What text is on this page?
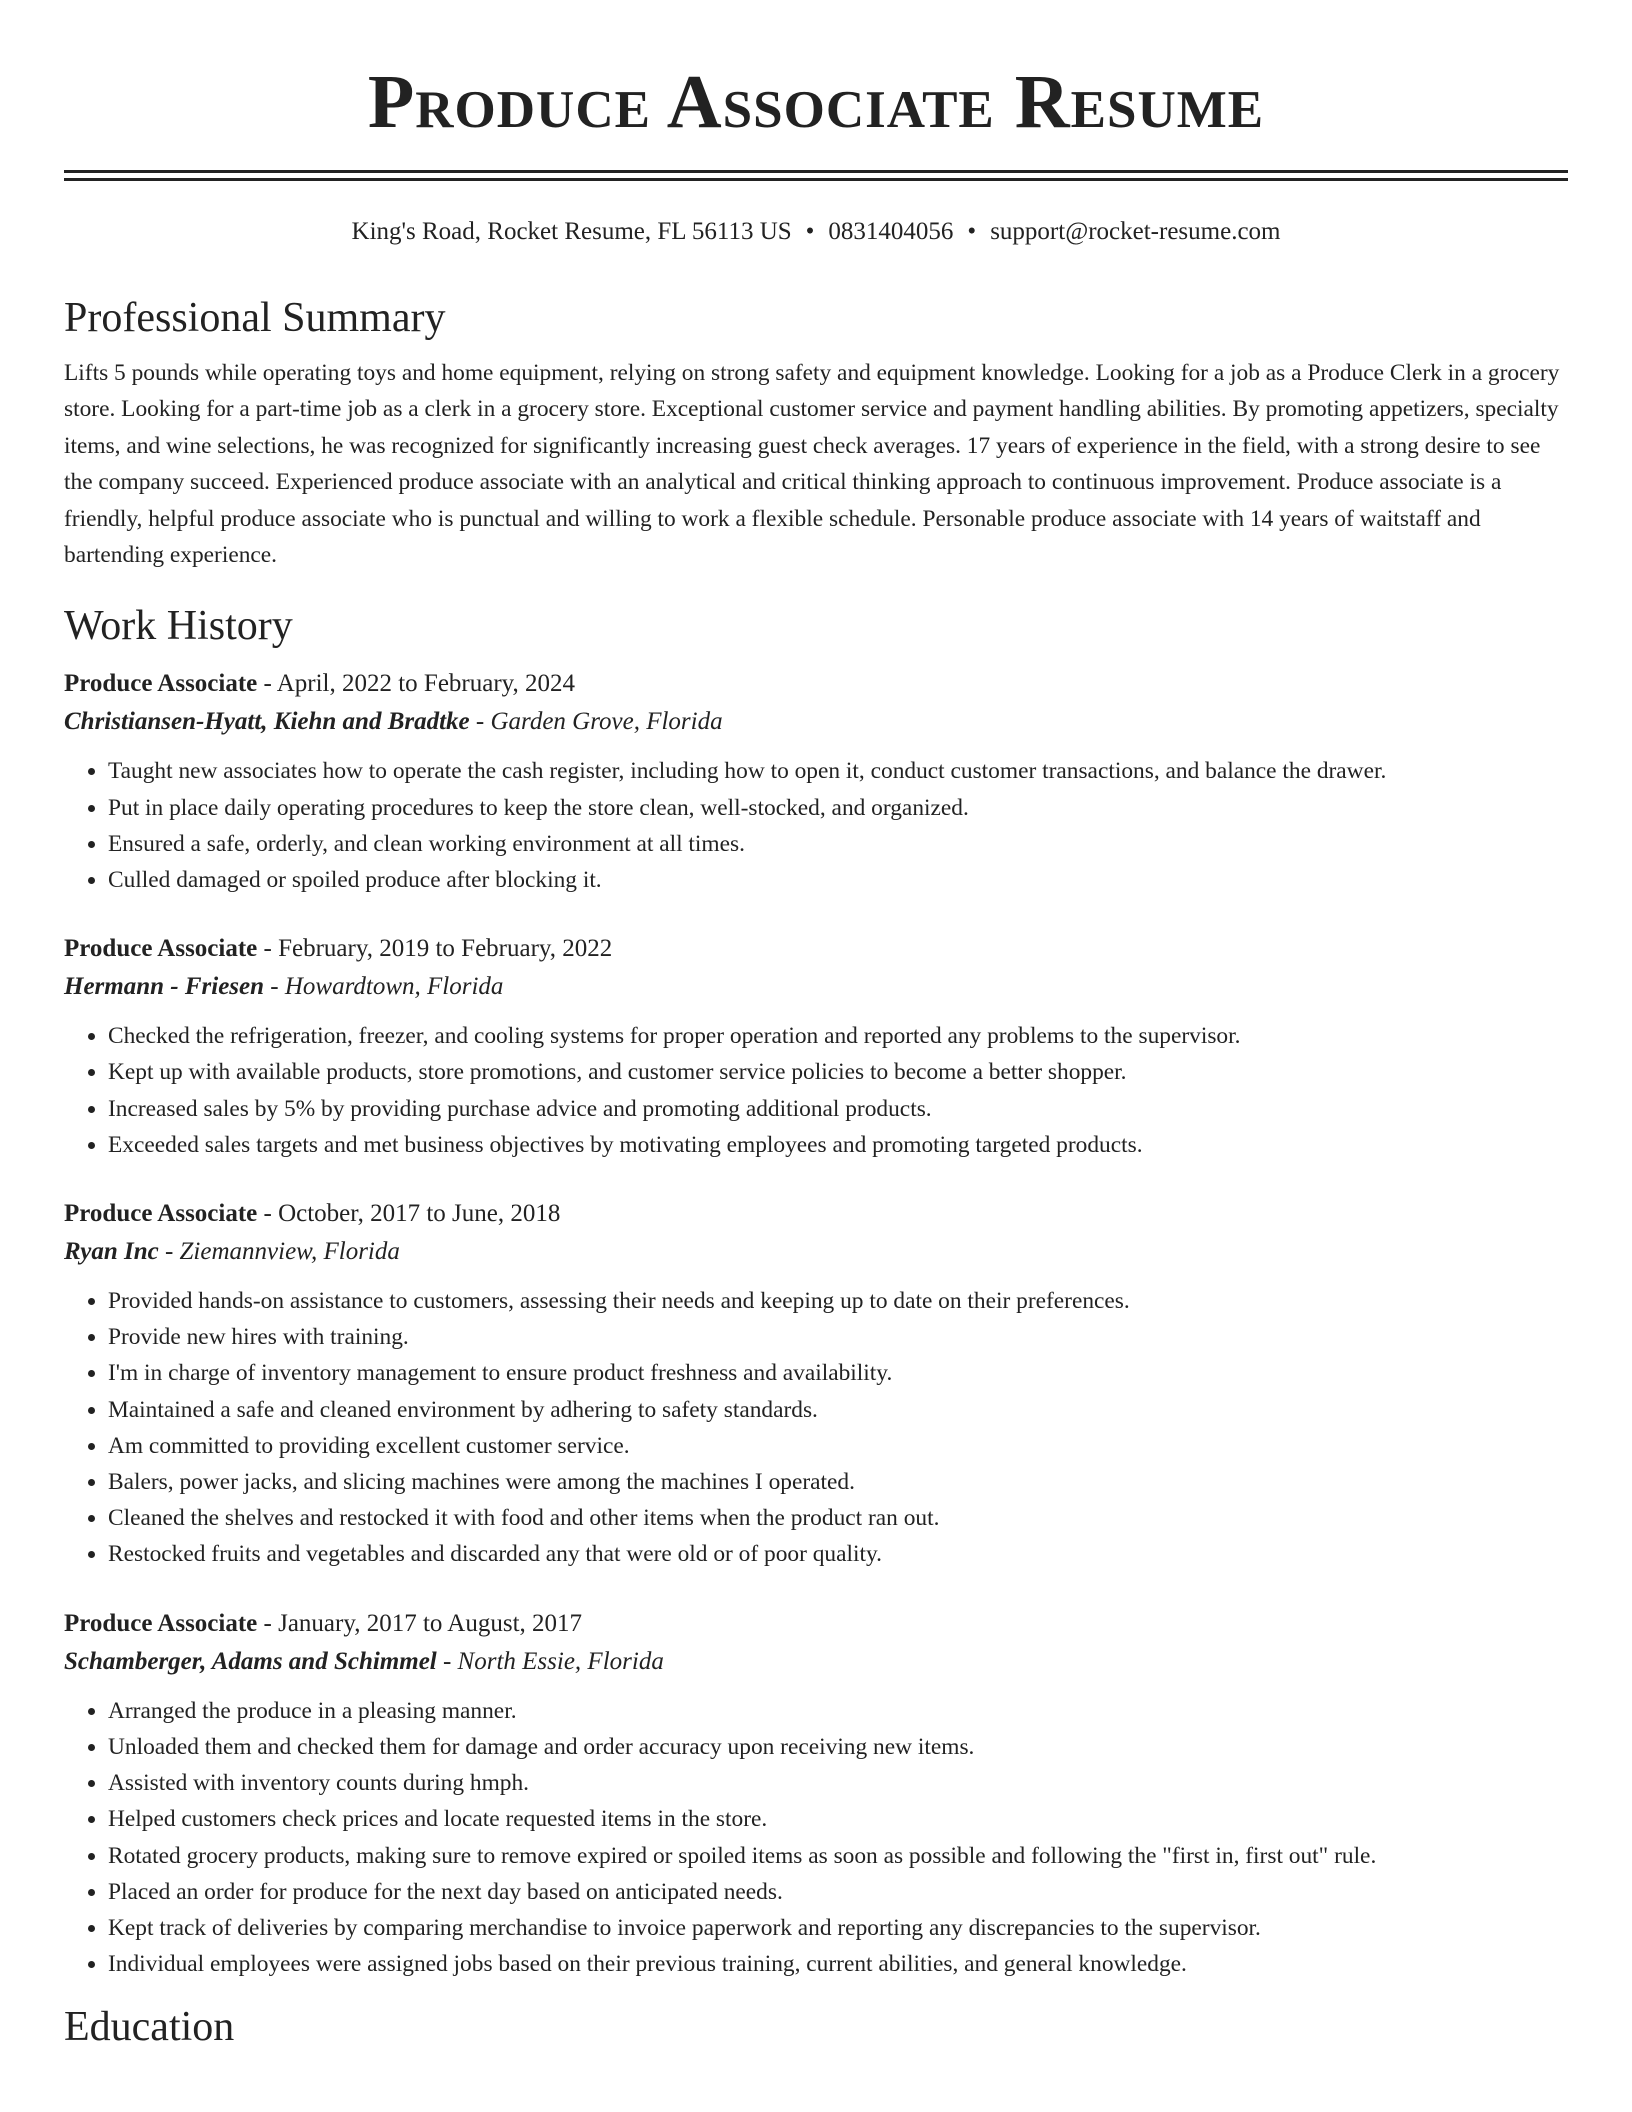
Produce Associate Resume
King's Road, Rocket Resume, FL 56113 US • 0831404056 • support@rocket-resume.com
Professional Summary

Lifts 5 pounds while operating toys and home equipment, relying on strong safety and equipment knowledge. Looking for a job as a Produce Clerk in a grocery store. Looking for a part-time job as a clerk in a grocery store. Exceptional customer service and payment handling abilities. By promoting appetizers, specialty items, and wine selections, he was recognized for significantly increasing guest check averages. 17 years of experience in the field, with a strong desire to see the company succeed. Experienced produce associate with an analytical and critical thinking approach to continuous improvement. Produce associate is a friendly, helpful produce associate who is punctual and willing to work a flexible schedule. Personable produce associate with 14 years of waitstaff and bartending experience.

Work History
Produce Associate - April, 2022 to February, 2024
Christiansen-Hyatt, Kiehn and Bradtke - Garden Grove, Florida
• Taught new associates how to operate the cash register, including how to open it, conduct customer transactions, and balance the drawer.
• Put in place daily operating procedures to keep the store clean, well-stocked, and organized.
• Ensured a safe, orderly, and clean working environment at all times.
• Culled damaged or spoiled produce after blocking it.
Produce Associate - February, 2019 to February, 2022
Hermann - Friesen - Howardtown, Florida
• Checked the refrigeration, freezer, and cooling systems for proper operation and reported any problems to the supervisor.
• Kept up with available products, store promotions, and customer service policies to become a better shopper.
• Increased sales by 5% by providing purchase advice and promoting additional products.
• Exceeded sales targets and met business objectives by motivating employees and promoting targeted products.
Produce Associate - October, 2017 to June, 2018
Ryan Inc - Ziemannview, Florida
• Provided hands-on assistance to customers, assessing their needs and keeping up to date on their preferences.
• Provide new hires with training.
• I'm in charge of inventory management to ensure product freshness and availability.
• Maintained a safe and cleaned environment by adhering to safety standards.
• Am committed to providing excellent customer service.
• Balers, power jacks, and slicing machines were among the machines I operated.
• Cleaned the shelves and restocked it with food and other items when the product ran out.
• Restocked fruits and vegetables and discarded any that were old or of poor quality.
Produce Associate - January, 2017 to August, 2017
Schamberger, Adams and Schimmel - North Essie, Florida
• Arranged the produce in a pleasing manner.
• Unloaded them and checked them for damage and order accuracy upon receiving new items.
• Assisted with inventory counts during hmph.
• Helped customers check prices and locate requested items in the store.
• Rotated grocery products, making sure to remove expired or spoiled items as soon as possible and following the "first in, first out" rule.
• Placed an order for produce for the next day based on anticipated needs.
• Kept track of deliveries by comparing merchandise to invoice paperwork and reporting any discrepancies to the supervisor.
• Individual employees were assigned jobs based on their previous training, current abilities, and general knowledge.
Education
